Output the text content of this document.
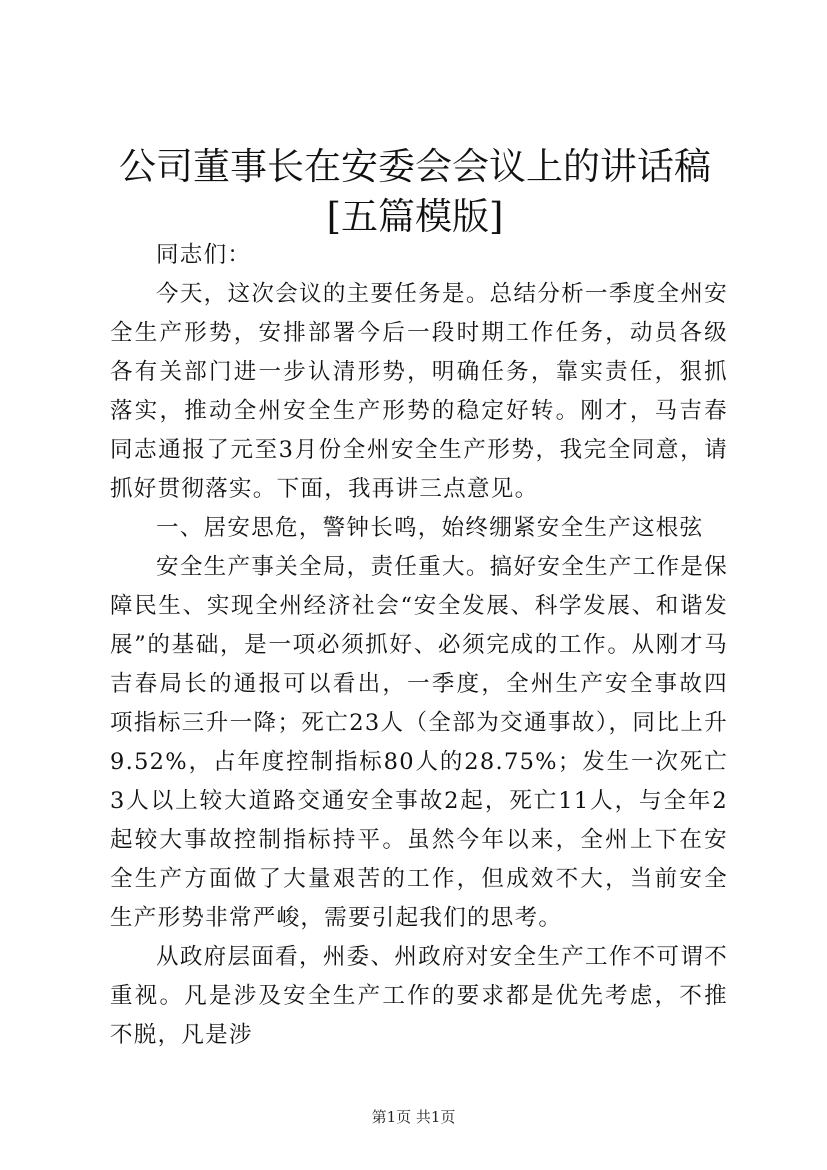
公司董事长在安委会会议上的讲话稿[五篇模版]

同志们：

今天，这次会议的主要任务是。总结分析一季度全州安全生产形势，安排部署今后一段时期工作任务，动员各级各有关部门进一步认清形势，明确任务，靠实责任，狠抓落实，推动全州安全生产形势的稳定好转。刚才，马吉春同志通报了元至3月份全州安全生产形势，我完全同意，请抓好贯彻落实。下面，我再讲三点意见。

一、居安思危，警钟长鸣，始终绷紧安全生产这根弦

安全生产事关全局，责任重大。搞好安全生产工作是保障民生、实现全州经济社会“安全发展、科学发展、和谐发展”的基础，是一项必须抓好、必须完成的工作。从刚才马吉春局长的通报可以看出，一季度，全州生产安全事故四项指标三升一降；死亡23人（全部为交通事故），同比上升9.52%，占年度控制指标80人的28.75%；发生一次死亡3人以上较大道路交通安全事故2起，死亡11人，与全年2起较大事故控制指标持平。虽然今年以来，全州上下在安全生产方面做了大量艰苦的工作，但成效不大，当前安全生产形势非常严峻，需要引起我们的思考。

从政府层面看，州委、州政府对安全生产工作不可谓不重视。凡是涉及安全生产工作的要求都是优先考虑，不推不脱，凡是涉

第1页 共1页
